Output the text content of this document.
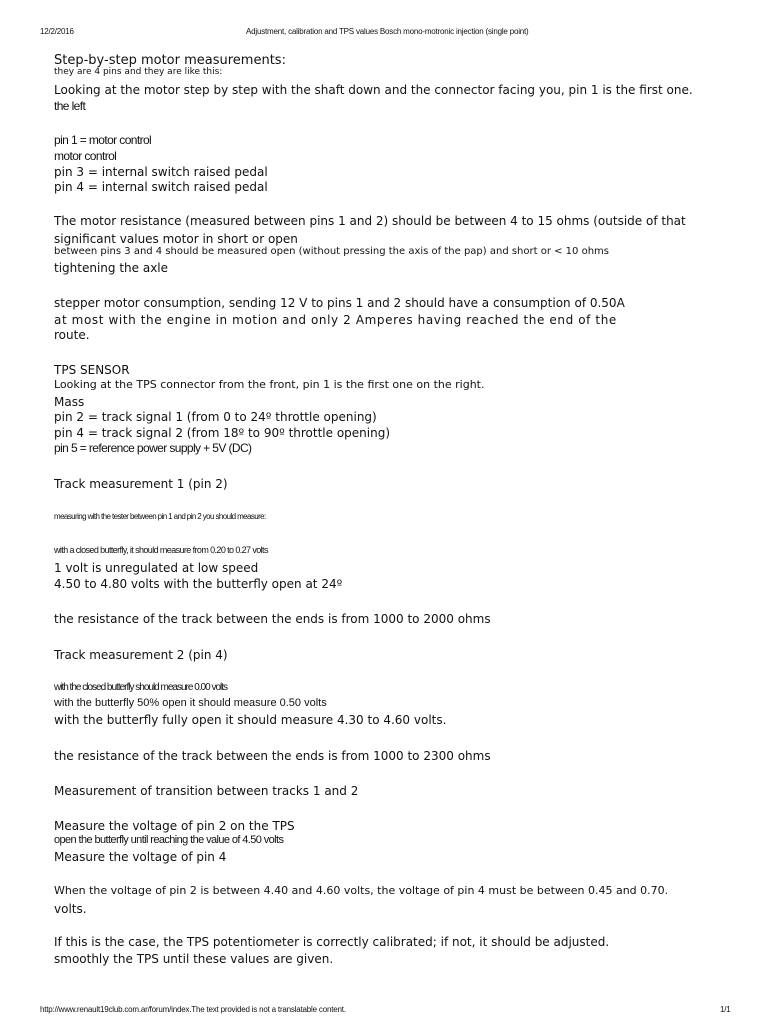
12/2/2016	Adjustment, calibration and TPS values Bosch mono-motronic injection (single point)
Step-by-step motor measurements:
they are 4 pins and they are like this:
Looking at the motor step by step with the shaft down and the connector facing you, pin 1 is the first one.
the left
pin 1 = motor control
motor control
pin 3 = internal switch raised pedal
pin 4 = internal switch raised pedal
The motor resistance (measured between pins 1 and 2) should be between 4 to 15 ohms (outside of that
significant values motor in short or open
between pins 3 and 4 should be measured open (without pressing the axis of the pap) and short or < 10 ohms
tightening the axle
stepper motor consumption, sending 12 V to pins 1 and 2 should have a consumption of 0.50A
at most with the engine in motion and only 2 Amperes having reached the end of the
route.
TPS SENSOR
Looking at the TPS connector from the front, pin 1 is the first one on the right.
Mass
pin 2 = track signal 1 (from 0 to 24º throttle opening)
pin 4 = track signal 2 (from 18º to 90º throttle opening)
pin 5 = reference power supply + 5V (DC)
Track measurement 1 (pin 2)
measuring with the tester between pin 1 and pin 2 you should measure:
with a closed butterfly, it should measure from 0.20 to 0.27 volts
1 volt is unregulated at low speed
4.50 to 4.80 volts with the butterfly open at 24º
the resistance of the track between the ends is from 1000 to 2000 ohms
Track measurement 2 (pin 4)
with the closed butterfly should measure 0.00 volts
with the butterfly 50% open it should measure 0.50 volts
with the butterfly fully open it should measure 4.30 to 4.60 volts.
the resistance of the track between the ends is from 1000 to 2300 ohms
Measurement of transition between tracks 1 and 2
Measure the voltage of pin 2 on the TPS
open the butterfly until reaching the value of 4.50 volts
Measure the voltage of pin 4
When the voltage of pin 2 is between 4.40 and 4.60 volts, the voltage of pin 4 must be between 0.45 and 0.70.
volts.
If this is the case, the TPS potentiometer is correctly calibrated; if not, it should be adjusted.
smoothly the TPS until these values are given.
http://www.renault19club.com.ar/forum/index.The text provided is not a translatable content.	1/1
